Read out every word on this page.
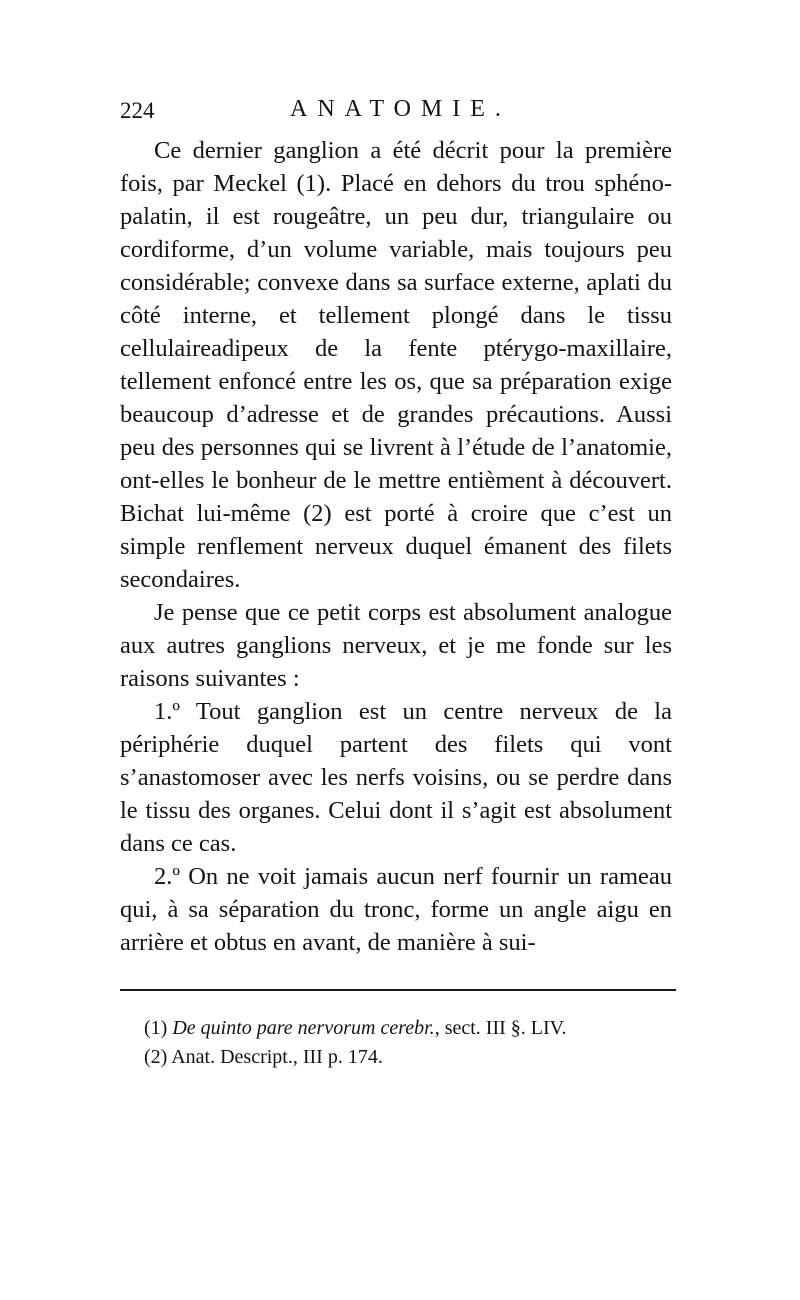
224	ANATOMIE.

Ce dernier ganglion a été décrit pour la première fois, par Meckel (1). Placé en dehors du trou sphéno-palatin, il est rougeâtre, un peu dur, triangulaire ou cordiforme, d’un volume variable, mais toujours peu considérable; convexe dans sa surface externe, aplati du côté interne, et tellement plongé dans le tissu cellulaireadipeux de la fente ptérygo-maxillaire, tellement enfoncé entre les os, que sa préparation exige beaucoup d’adresse et de grandes précautions. Aussi peu des personnes qui se livrent à l’étude de l’anatomie, ont-elles le bonheur de le mettre entièment à découvert. Bichat lui-même (2) est porté à croire que c’est un simple renflement nerveux duquel émanent des filets secondaires.

Je pense que ce petit corps est absolument analogue aux autres ganglions nerveux, et je me fonde sur les raisons suivantes :

1.º Tout ganglion est un centre nerveux de la périphérie duquel partent des filets qui vont s’anastomoser avec les nerfs voisins, ou se perdre dans le tissu des organes. Celui dont il s’agit est absolument dans ce cas.

2.º On ne voit jamais aucun nerf fournir un rameau qui, à sa séparation du tronc, forme un angle aigu en arrière et obtus en avant, de manière à sui-

(1) De quinto pare nervorum cerebr., sect. III §. LIV.

(2) Anat. Descript., III p. 174.
